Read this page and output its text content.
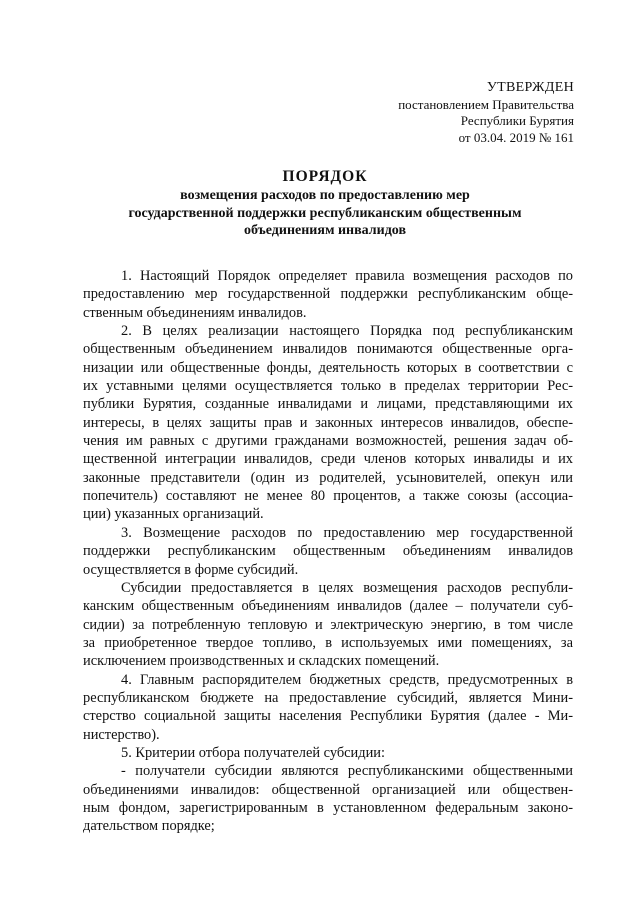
УТВЕРЖДЕН
постановлением Правительства
Республики Бурятия
от 03.04. 2019 № 161
ПОРЯДОК
возмещения расходов по предоставлению мер
государственной поддержки республиканским общественным
объединениям инвалидов
1. Настоящий Порядок определяет правила возмещения расходов по
предоставлению мер государственной поддержки республиканским обще-
ственным объединениям инвалидов.
2. В целях реализации настоящего Порядка под республиканским
общественным объединением инвалидов понимаются общественные орга-
низации или общественные фонды, деятельность которых в соответствии с
их уставными целями осуществляется только в пределах территории Рес-
публики Бурятия, созданные инвалидами и лицами, представляющими их
интересы, в целях защиты прав и законных интересов инвалидов, обеспе-
чения им равных с другими гражданами возможностей, решения задач об-
щественной интеграции инвалидов, среди членов которых инвалиды и их
законные представители (один из родителей, усыновителей, опекун или
попечитель) составляют не менее 80 процентов, а также союзы (ассоциа-
ции) указанных организаций.
3. Возмещение расходов по предоставлению мер государственной
поддержки республиканским общественным объединениям инвалидов
осуществляется в форме субсидий.
Субсидии предоставляется в целях возмещения расходов республи-
канским общественным объединениям инвалидов (далее – получатели суб-
сидии) за потребленную тепловую и электрическую энергию, в том числе
за приобретенное твердое топливо, в используемых ими помещениях, за
исключением производственных и складских помещений.
4. Главным распорядителем бюджетных средств, предусмотренных в
республиканском бюджете на предоставление субсидий, является Мини-
стерство социальной защиты населения Республики Бурятия (далее - Ми-
нистерство).
5. Критерии отбора получателей субсидии:
- получатели субсидии являются республиканскими общественными
объединениями инвалидов: общественной организацией или обществен-
ным фондом, зарегистрированным в установленном федеральным законо-
дательством порядке;
